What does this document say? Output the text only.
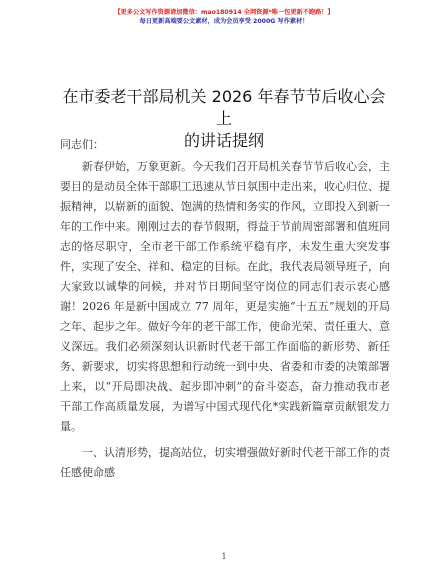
【更多公文写作资源请加微信：mao180914 全网资源*唯一包更新不跑路！】
每日更新高端要公文素材，成为会员享受 2000G 写作素材！
在市委老干部局机关 2026 年春节节后收心会上
的讲话提纲

同志们：

新春伊始，万象更新。今天我们召开局机关春节节后收心会，主要目的是动员全体干部职工迅速从节日氛围中走出来，收心归位、提振精神，以崭新的面貌、饱满的热情和务实的作风，立即投入到新一年的工作中来。刚刚过去的春节假期，得益于节前周密部署和值班同志的恪尽职守，全市老干部工作系统平稳有序，未发生重大突发事件，实现了安全、祥和、稳定的目标。在此，我代表局领导班子，向大家致以诚挚的问候，并对节日期间坚守岗位的同志们表示衷心感谢！2026 年是新中国成立 77 周年，更是实施“十五五”规划的开局之年、起步之年。做好今年的老干部工作，使命光荣、责任重大、意义深远。我们必须深刻认识新时代老干部工作面临的新形势、新任务、新要求，切实将思想和行动统一到中央、省委和市委的决策部署上来，以“开局即决战、起步即冲刺”的奋斗姿态，奋力推动我市老干部工作高质量发展，为谱写中国式现代化*实践新篇章贡献银发力量。

一、认清形势，提高站位，切实增强做好新时代老干部工作的责任感使命感

1
